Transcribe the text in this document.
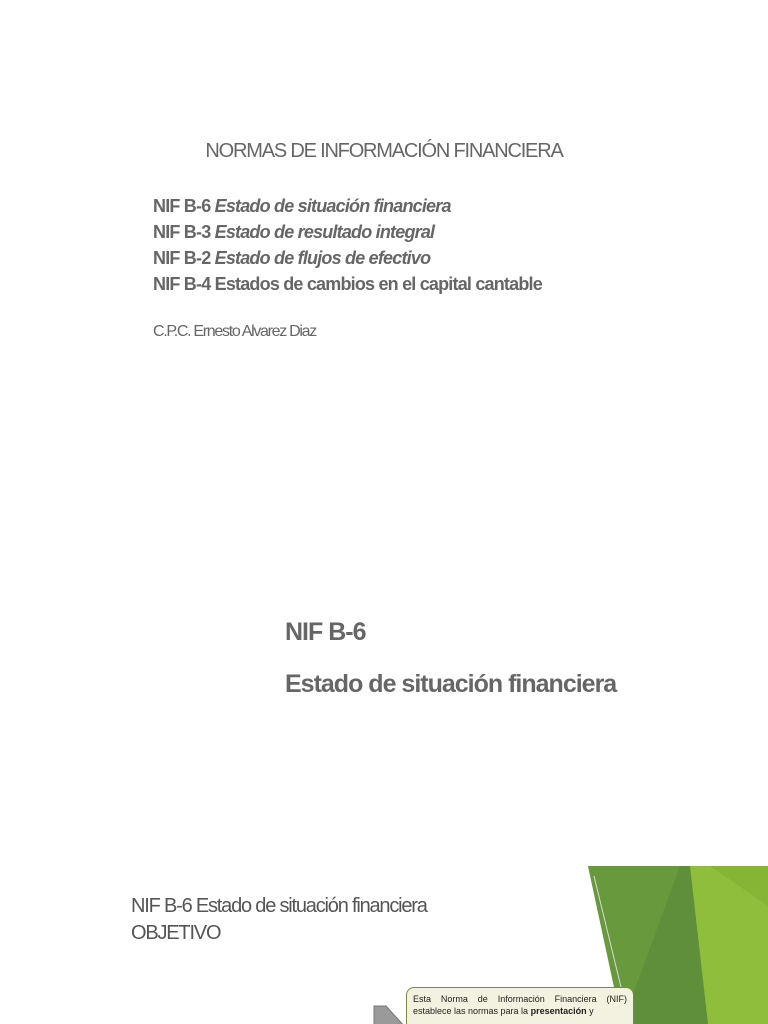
NORMAS DE INFORMACIÓN FINANCIERA
NIF B-6 Estado de situación financiera
NIF B-3 Estado de resultado integral
NIF B-2 Estado de flujos de efectivo
NIF B-4 Estados de cambios en el capital cantable
C.P.C. Ernesto Alvarez Diaz
NIF B-6
Estado de situación financiera
NIF B-6 Estado de situación financiera
OBJETIVO
Esta Norma de Información Financiera (NIF) establece las normas para la presentación y
